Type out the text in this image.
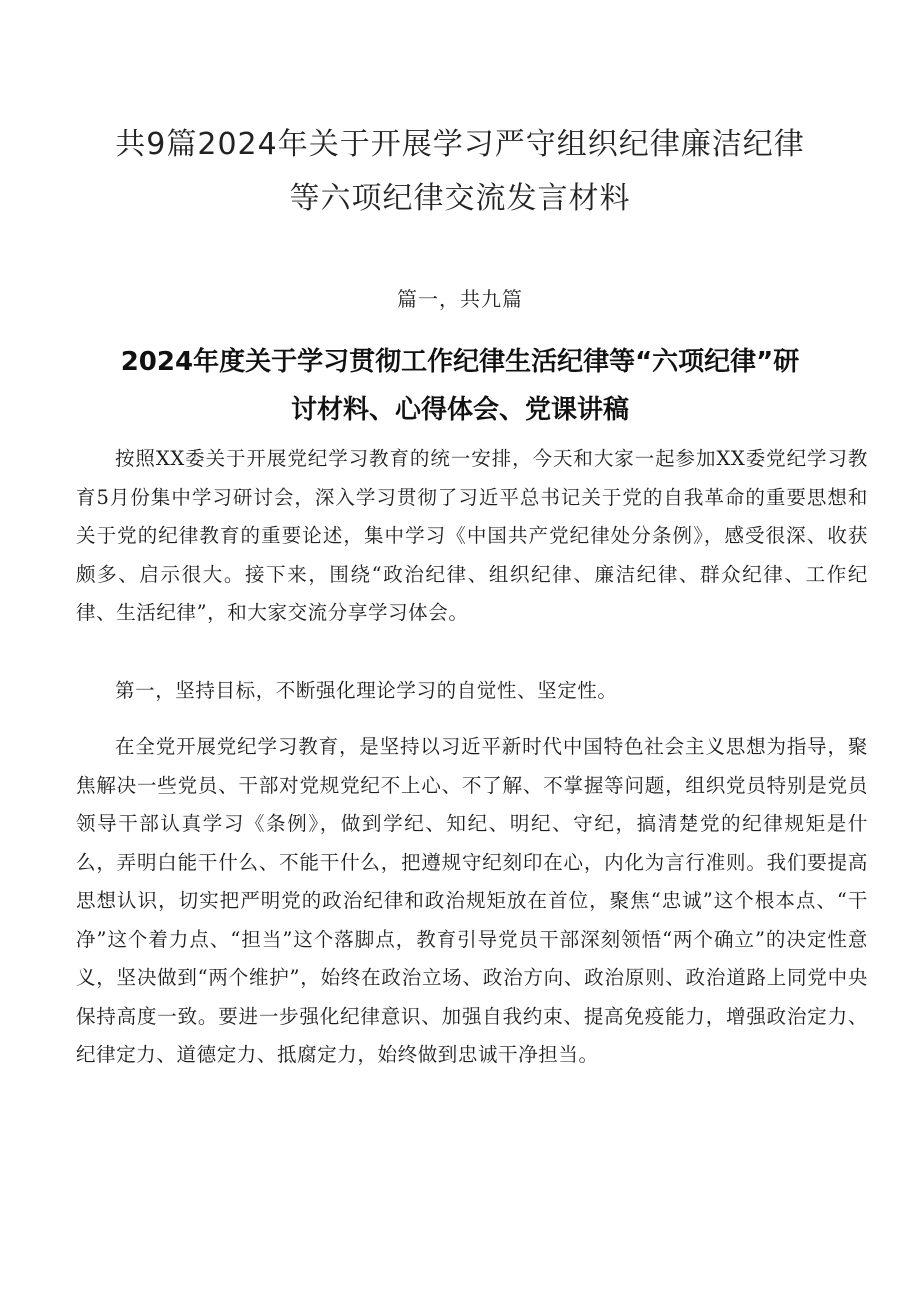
共9篇2024年关于开展学习严守组织纪律廉洁纪律
等六项纪律交流发言材料
篇一，共九篇
2024年度关于学习贯彻工作纪律生活纪律等“六项纪律”研
讨材料、心得体会、党课讲稿

按照XX委关于开展党纪学习教育的统一安排，今天和大家一起参加XX委党纪学习教育5月份集中学习研讨会，深入学习贯彻了习近平总书记关于党的自我革命的重要思想和关于党的纪律教育的重要论述，集中学习《中国共产党纪律处分条例》，感受很深、收获颇多、启示很大。接下来，围绕“政治纪律、组织纪律、廉洁纪律、群众纪律、工作纪律、生活纪律”，和大家交流分享学习体会。

第一，坚持目标，不断强化理论学习的自觉性、坚定性。

在全党开展党纪学习教育，是坚持以习近平新时代中国特色社会主义思想为指导，聚焦解决一些党员、干部对党规党纪不上心、不了解、不掌握等问题，组织党员特别是党员领导干部认真学习《条例》，做到学纪、知纪、明纪、守纪，搞清楚党的纪律规矩是什么，弄明白能干什么、不能干什么，把遵规守纪刻印在心，内化为言行准则。我们要提高思想认识，切实把严明党的政治纪律和政治规矩放在首位，聚焦“忠诚”这个根本点、“干净”这个着力点、“担当”这个落脚点，教育引导党员干部深刻领悟“两个确立”的决定性意义，坚决做到“两个维护”，始终在政治立场、政治方向、政治原则、政治道路上同党中央保持高度一致。要进一步强化纪律意识、加强自我约束、提高免疫能力，增强政治定力、纪律定力、道德定力、抵腐定力，始终做到忠诚干净担当。
